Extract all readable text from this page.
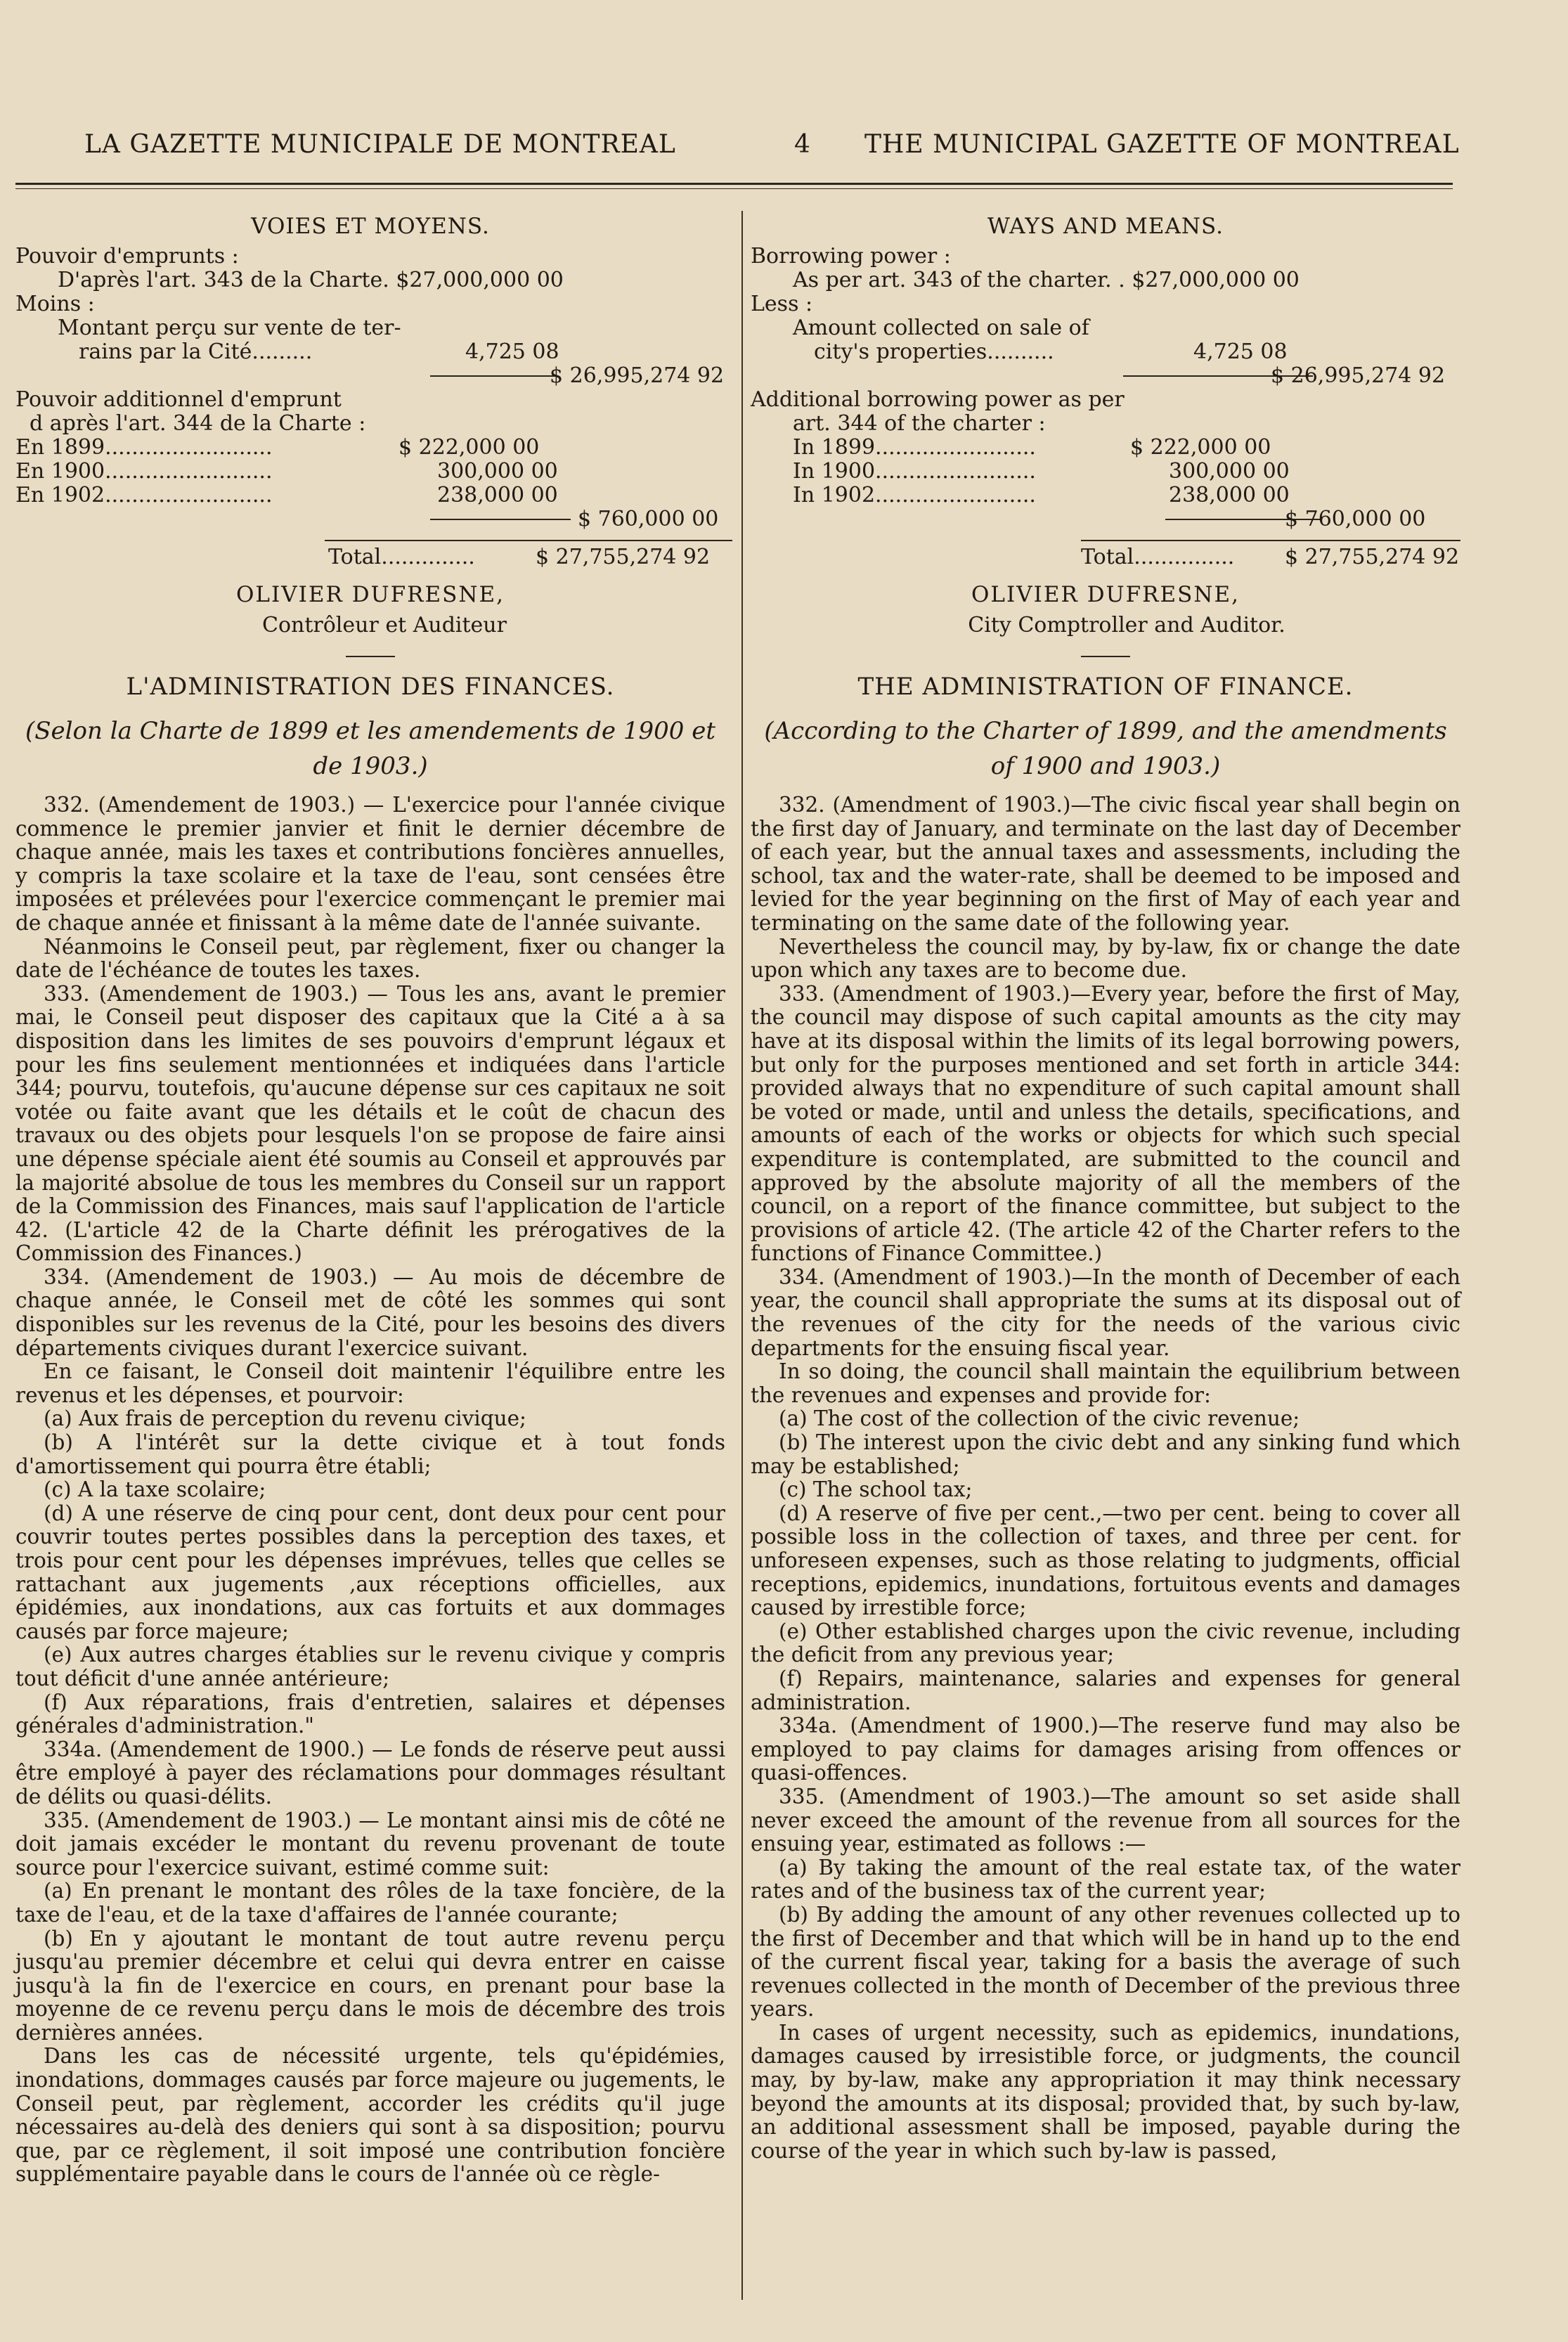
LA GAZETTE MUNICIPALE DE MONTREAL	4 THE MUNICIPAL GAZETTE OF MONTREAL
VOIES ET MOYENS.
Pouvoir d'emprunts :
D'après l'art. 343 de la Charte. $27,000,000 00
Moins :
Montant perçu sur vente de ter-
rains par la Cité.........	4,725 08
$ 26,995,274 92
Pouvoir additionnel d'emprunt
d après l'art. 344 de la Charte :
En 1899.........................	$ 222,000 00
En 1900.........................	300,000 00
En 1902.........................	238,000 00
$ 760,000 00
Total..............	$ 27,755,274 92
OLIVIER DUFRESNE,
Contrôleur et Auditeur
L'ADMINISTRATION DES FINANCES.
(Selon la Charte de 1899 et les amendements de 1900 et de 1903.)

332. (Amendement de 1903.) — L'exercice pour l'année civique commence le premier janvier et finit le dernier décembre de chaque année, mais les taxes et contributions foncières annuelles, y compris la taxe scolaire et la taxe de l'eau, sont censées être imposées et prélevées pour l'exercice commençant le premier mai de chaque année et finissant à la même date de l'année suivante.

Néanmoins le Conseil peut, par règlement, fixer ou changer la date de l'échéance de toutes les taxes.

333. (Amendement de 1903.) — Tous les ans, avant le premier mai, le Conseil peut disposer des capitaux que la Cité a à sa disposition dans les limites de ses pouvoirs d'emprunt légaux et pour les fins seulement mentionnées et indiquées dans l'article 344; pourvu, toutefois, qu'aucune dépense sur ces capitaux ne soit votée ou faite avant que les détails et le coût de chacun des travaux ou des objets pour lesquels l'on se propose de faire ainsi une dépense spéciale aient été soumis au Conseil et approuvés par la majorité absolue de tous les membres du Conseil sur un rapport de la Commission des Finances, mais sauf l'application de l'article 42. (L'article 42 de la Charte définit les prérogatives de la Commission des Finances.)

334. (Amendement de 1903.) — Au mois de décembre de chaque année, le Conseil met de côté les sommes qui sont disponibles sur les revenus de la Cité, pour les besoins des divers départements civiques durant l'exercice suivant.

En ce faisant, le Conseil doit maintenir l'équilibre entre les revenus et les dépenses, et pourvoir:

(a) Aux frais de perception du revenu civique;

(b) A l'intérêt sur la dette civique et à tout fonds d'amortissement qui pourra être établi;

(c) A la taxe scolaire;

(d) A une réserve de cinq pour cent, dont deux pour cent pour couvrir toutes pertes possibles dans la perception des taxes, et trois pour cent pour les dépenses imprévues, telles que celles se rattachant aux jugements ,aux réceptions officielles, aux épidémies, aux inondations, aux cas fortuits et aux dommages causés par force majeure;

(e) Aux autres charges établies sur le revenu civique y compris tout déficit d'une année antérieure;

(f) Aux réparations, frais d'entretien, salaires et dépenses générales d'administration."

334a. (Amendement de 1900.) — Le fonds de réserve peut aussi être employé à payer des réclamations pour dommages résultant de délits ou quasi-délits.

335. (Amendement de 1903.) — Le montant ainsi mis de côté ne doit jamais excéder le montant du revenu provenant de toute source pour l'exercice suivant, estimé comme suit:

(a) En prenant le montant des rôles de la taxe foncière, de la taxe de l'eau, et de la taxe d'affaires de l'année courante;

(b) En y ajoutant le montant de tout autre revenu perçu jusqu'au premier décembre et celui qui devra entrer en caisse jusqu'à la fin de l'exercice en cours, en prenant pour base la moyenne de ce revenu perçu dans le mois de décembre des trois dernières années.

Dans les cas de nécessité urgente, tels qu'épidémies, inondations, dommages causés par force majeure ou jugements, le Conseil peut, par règlement, accorder les crédits qu'il juge nécessaires au-delà des deniers qui sont à sa disposition; pourvu que, par ce règlement, il soit imposé une contribution foncière supplémentaire payable dans le cours de l'année où ce règle-

WAYS AND MEANS.
Borrowing power :
As per art. 343 of the charter. . $27,000,000 00
Less :
Amount collected on sale of
city's properties..........	4,725 08
$ 26,995,274 92
Additional borrowing power as per
art. 344 of the charter :
In 1899........................	$ 222,000 00
In 1900........................	300,000 00
In 1902........................	238,000 00
$ 760,000 00
Total............... $ 27,755,274 92
OLIVIER DUFRESNE,
City Comptroller and Auditor.
THE ADMINISTRATION OF FINANCE.
(According to the Charter of 1899, and the amendments of 1900 and 1903.)

332. (Amendment of 1903.)—The civic fiscal year shall begin on the first day of January, and terminate on the last day of December of each year, but the annual taxes and assessments, including the school, tax and the water-rate, shall be deemed to be imposed and levied for the year beginning on the first of May of each year and terminating on the same date of the following year.

Nevertheless the council may, by by-law, fix or change the date upon which any taxes are to become due.

333. (Amendment of 1903.)—Every year, before the first of May, the council may dispose of such capital amounts as the city may have at its disposal within the limits of its legal borrowing powers, but only for the purposes mentioned and set forth in article 344: provided always that no expenditure of such capital amount shall be voted or made, until and unless the details, specifications, and amounts of each of the works or objects for which such special expenditure is contemplated, are submitted to the council and approved by the absolute majority of all the members of the council, on a report of the finance committee, but subject to the provisions of article 42. (The article 42 of the Charter refers to the functions of Finance Committee.)

334. (Amendment of 1903.)—In the month of December of each year, the council shall appropriate the sums at its disposal out of the revenues of the city for the needs of the various civic departments for the ensuing fiscal year.

In so doing, the council shall maintain the equilibrium between the revenues and expenses and provide for:

(a) The cost of the collection of the civic revenue;

(b) The interest upon the civic debt and any sinking fund which may be established;

(c) The school tax;

(d) A reserve of five per cent.,—two per cent. being to cover all possible loss in the collection of taxes, and three per cent. for unforeseen expenses, such as those relating to judgments, official receptions, epidemics, inundations, fortuitous events and damages caused by irrestible force;

(e) Other established charges upon the civic revenue, including the deficit from any previous year;

(f) Repairs, maintenance, salaries and expenses for general administration.

334a. (Amendment of 1900.)—The reserve fund may also be employed to pay claims for damages arising from offences or quasi-offences.

335. (Amendment of 1903.)—The amount so set aside shall never exceed the amount of the revenue from all sources for the ensuing year, estimated as follows :—

(a) By taking the amount of the real estate tax, of the water rates and of the business tax of the current year;

(b) By adding the amount of any other revenues collected up to the first of December and that which will be in hand up to the end of the current fiscal year, taking for a basis the average of such revenues collected in the month of December of the previous three years.

In cases of urgent necessity, such as epidemics, inundations, damages caused by irresistible force, or judgments, the council may, by by-law, make any appropriation it may think necessary beyond the amounts at its disposal; provided that, by such by-law, an additional assessment shall be imposed, payable during the course of the year in which such by-law is passed,
